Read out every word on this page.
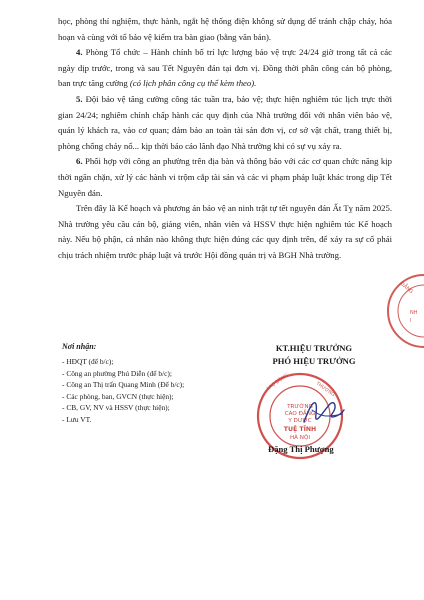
học, phòng thí nghiệm, thực hành, ngắt hệ thống điện không sử dụng để tránh chập cháy, hỏa hoạn và cùng với tổ bảo vệ kiểm tra bàn giao (bằng văn bản).

4. Phòng Tổ chức – Hành chính bố trí lực lượng bảo vệ trực 24/24 giờ trong tất cả các ngày dịp trước, trong và sau Tết Nguyên đán tại đơn vị. Đồng thời phân công cán bộ phòng, ban trực tăng cường (có lịch phân công cụ thể kèm theo).

5. Đội bảo vệ tăng cường công tác tuần tra, bảo vệ; thực hiện nghiêm túc lịch trực thời gian 24/24; nghiêm chỉnh chấp hành các quy định của Nhà trường đối với nhân viên bảo vệ, quản lý khách ra, vào cơ quan; đảm bảo an toàn tài sản đơn vị, cơ sở vật chất, trang thiết bị, phòng chống cháy nổ... kịp thời báo cáo lãnh đạo Nhà trường khi có sự vụ xảy ra.

6. Phối hợp với công an phường trên địa bàn và thông báo với các cơ quan chức năng kịp thời ngăn chặn, xử lý các hành vi trộm cắp tài sản và các vi phạm pháp luật khác trong dịp Tết Nguyên đán.

Trên đây là Kế hoạch và phương án bảo vệ an ninh trật tự tết nguyên đán Ất Tỵ năm 2025. Nhà trường yêu cầu cán bộ, giảng viên, nhân viên và HSSV thực hiện nghiêm túc Kế hoạch này. Nếu bộ phận, cá nhân nào không thực hiện đúng các quy định trên, để xảy ra sự cố phải chịu trách nhiệm trước pháp luật và trước Hội đồng quản trị và BGH Nhà trường.

Nơi nhận:
- HĐQT (để b/c);
- Công an phường Phú Diễn (để b/c);
- Công an Thị trấn Quang Minh (Để b/c);
- Các phòng, ban, GVCN (thực hiện);
- CB, GV, NV và HSSV (thực hiện);
- Lưu VT.
KT.HIỆU TRƯỞNG
PHÓ HIỆU TRƯỞNG
TRƯỜNG
CAO ĐẲNG
Y DƯỢC
TUỆ TĨNH
HÀ NỘI
LAO ĐỘNG	THƯƠNG
Đặng Thị Phượng
ĐẲNG
NH
I
